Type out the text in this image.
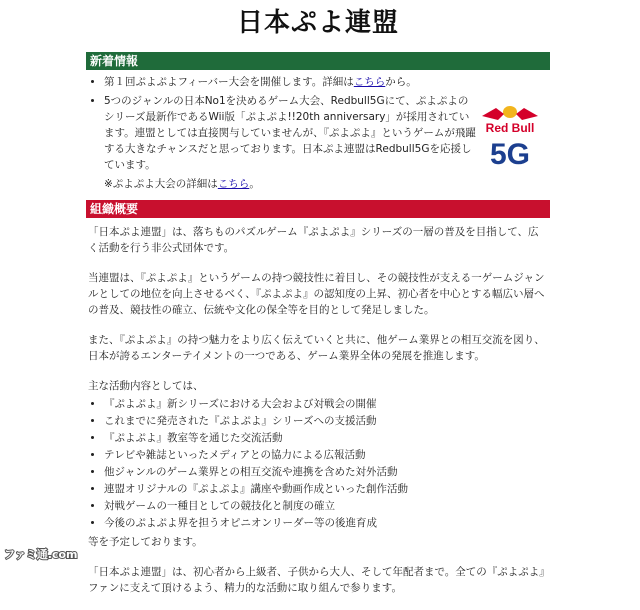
日本ぷよ連盟
新着情報
• 第１回ぷよぷよフィーバー大会を開催します。詳細はこちらから。
• 5つのジャンルの日本No1を決めるゲーム大会、Redbull5Gにて、ぷよぷよのシリーズ最新作であるWii版「ぷよぷよ!!20th anniversary」が採用されています。連盟としては直接関与していませんが、『ぷよぷよ』というゲームが飛躍する大きなチャンスだと思っております。日本ぷよ連盟はRedbull5Gを応援しています。
※ぷよぷよ大会の詳細はこちら。
Red Bull
5G
組織概要

「日本ぷよ連盟」は、落ちものパズルゲーム『ぷよぷよ』シリーズの一層の普及を目指して、広く活動を行う非公式団体です。

当連盟は、『ぷよぷよ』というゲームの持つ競技性に着目し、その競技性が支える一ゲームジャンルとしての地位を向上させるべく、『ぷよぷよ』の認知度の上昇、初心者を中心とする幅広い層への普及、競技性の確立、伝統や文化の保全等を目的として発足しました。

また、『ぷよぷよ』の持つ魅力をより広く伝えていくと共に、他ゲーム業界との相互交流を図り、日本が誇るエンターテイメントの一つである、ゲーム業界全体の発展を推進します。

主な活動内容としては、

• 『ぷよぷよ』新シリーズにおける大会および対戦会の開催
• これまでに発売された『ぷよぷよ』シリーズへの支援活動
• 『ぷよぷよ』教室等を通じた交流活動
• テレビや雑誌といったメディアとの協力による広報活動
• 他ジャンルのゲーム業界との相互交流や連携を含めた対外活動
• 連盟オリジナルの『ぷよぷよ』講座や動画作成といった創作活動
• 対戦ゲームの一種目としての競技化と制度の確立
• 今後のぷよぷよ界を担うオピニオンリーダー等の後進育成

等を予定しております。

「日本ぷよ連盟」は、初心者から上級者、子供から大人、そして年配者まで。全ての『ぷよぷよ』ファンに支えて頂けるよう、精力的な活動に取り組んで参ります。

ファミ通.com
